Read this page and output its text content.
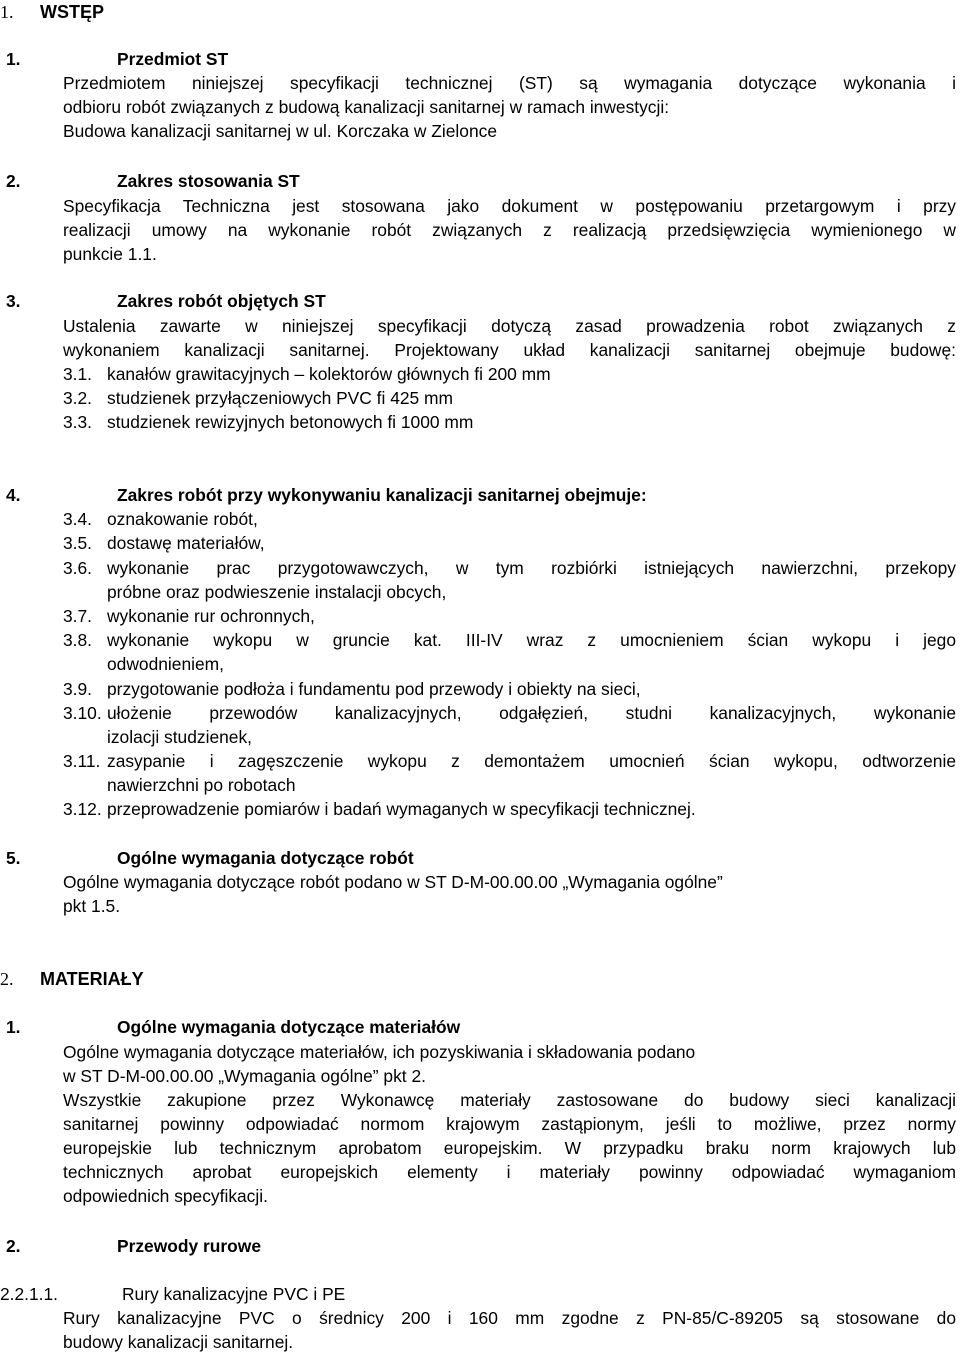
1. WSTĘP
1.	Przedmiot ST
Przedmiotem niniejszej specyfikacji technicznej (ST) są wymagania dotyczące wykonania i
odbioru robót związanych z budową kanalizacji sanitarnej w ramach inwestycji:
Budowa kanalizacji sanitarnej w ul. Korczaka w Zielonce
2.	Zakres stosowania ST
Specyfikacja Techniczna jest stosowana jako dokument w postępowaniu przetargowym i przy
realizacji umowy na wykonanie robót związanych z realizacją przedsięwzięcia wymienionego w
punkcie 1.1.
3.	Zakres robót objętych ST
Ustalenia zawarte w niniejszej specyfikacji dotyczą zasad prowadzenia robot związanych z
wykonaniem kanalizacji sanitarnej. Projektowany układ kanalizacji sanitarnej obejmuje budowę:
3.1. kanałów grawitacyjnych – kolektorów głównych fi 200 mm
3.2. studzienek przyłączeniowych PVC fi 425 mm
3.3. studzienek rewizyjnych betonowych fi 1000 mm
4.	Zakres robót przy wykonywaniu kanalizacji sanitarnej obejmuje:
3.4. oznakowanie robót,
3.5. dostawę materiałów,
3.6. wykonanie prac przygotowawczych, w tym rozbiórki istniejących nawierzchni, przekopy
próbne oraz podwieszenie instalacji obcych,
3.7. wykonanie rur ochronnych,
3.8. wykonanie wykopu w gruncie kat. III-IV wraz z umocnieniem ścian wykopu i jego
odwodnieniem,
3.9. przygotowanie podłoża i fundamentu pod przewody i obiekty na sieci,
3.10. ułożenie przewodów kanalizacyjnych, odgałęzień, studni kanalizacyjnych, wykonanie
izolacji studzienek,
3.11. zasypanie i zagęszczenie wykopu z demontażem umocnień ścian wykopu, odtworzenie
nawierzchni po robotach
3.12. przeprowadzenie pomiarów i badań wymaganych w specyfikacji technicznej.
5.	Ogólne wymagania dotyczące robót
Ogólne wymagania dotyczące robót podano w ST D-M-00.00.00 „Wymagania ogólne”
pkt 1.5.
2. MATERIAŁY
1.	Ogólne wymagania dotyczące materiałów
Ogólne wymagania dotyczące materiałów, ich pozyskiwania i składowania podano
w ST D-M-00.00.00 „Wymagania ogólne” pkt 2.
Wszystkie zakupione przez Wykonawcę materiały zastosowane do budowy sieci kanalizacji
sanitarnej powinny odpowiadać normom krajowym zastąpionym, jeśli to możliwe, przez normy
europejskie lub technicznym aprobatom europejskim. W przypadku braku norm krajowych lub
technicznych aprobat europejskich elementy i materiały powinny odpowiadać wymaganiom
odpowiednich specyfikacji.
2.	Przewody rurowe
2.2.1.1.	Rury kanalizacyjne PVC i PE
Rury kanalizacyjne PVC o średnicy 200 i 160 mm zgodne z PN-85/C-89205 są stosowane do
budowy kanalizacji sanitarnej.
